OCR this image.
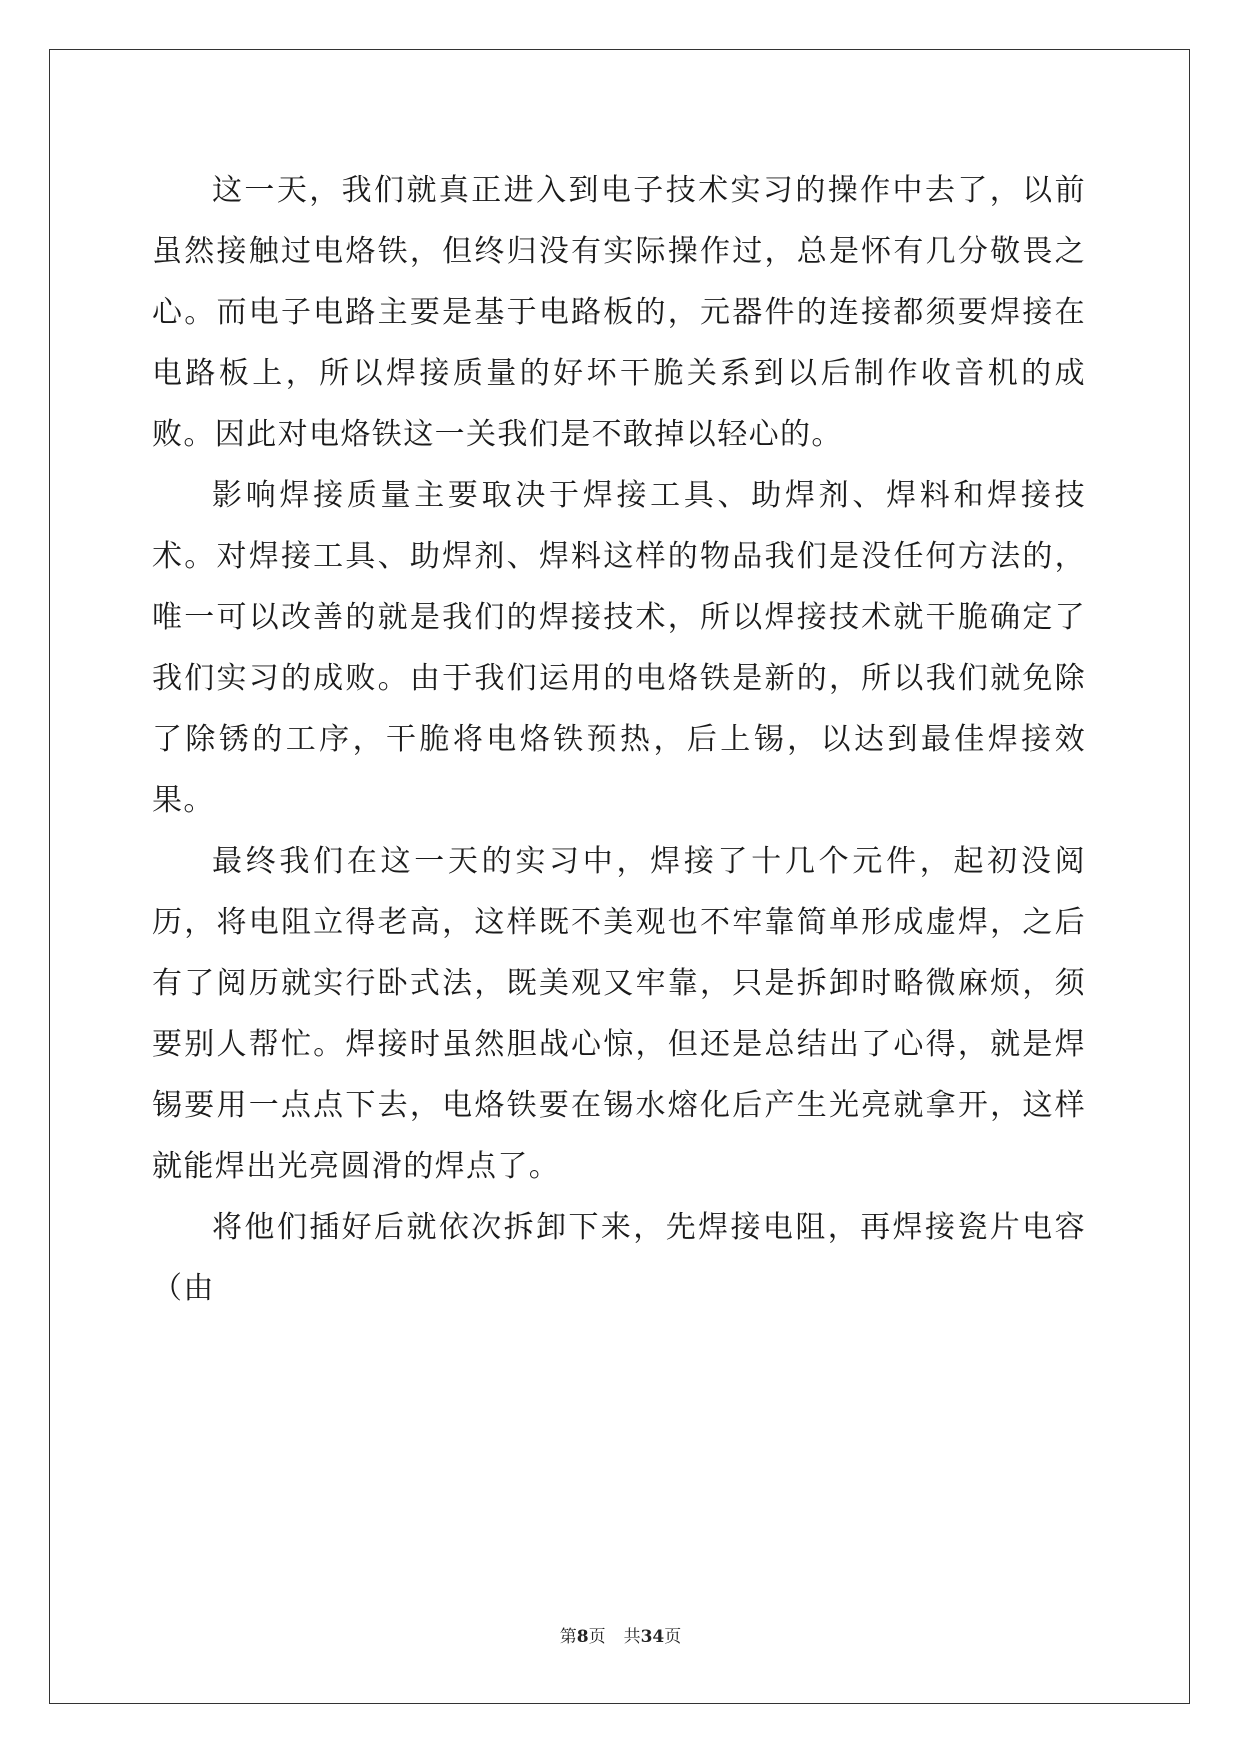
这一天，我们就真正进入到电子技术实习的操作中去了，以前虽然接触过电烙铁，但终归没有实际操作过，总是怀有几分敬畏之心。而电子电路主要是基于电路板的，元器件的连接都须要焊接在电路板上，所以焊接质量的好坏干脆关系到以后制作收音机的成败。因此对电烙铁这一关我们是不敢掉以轻心的。

影响焊接质量主要取决于焊接工具、助焊剂、焊料和焊接技术。对焊接工具、助焊剂、焊料这样的物品我们是没任何方法的，唯一可以改善的就是我们的焊接技术，所以焊接技术就干脆确定了我们实习的成败。由于我们运用的电烙铁是新的，所以我们就免除了除锈的工序，干脆将电烙铁预热，后上锡，以达到最佳焊接效果。

最终我们在这一天的实习中，焊接了十几个元件，起初没阅历，将电阻立得老高，这样既不美观也不牢靠简单形成虚焊，之后有了阅历就实行卧式法，既美观又牢靠，只是拆卸时略微麻烦，须要别人帮忙。焊接时虽然胆战心惊，但还是总结出了心得，就是焊锡要用一点点下去，电烙铁要在锡水熔化后产生光亮就拿开，这样就能焊出光亮圆滑的焊点了。

将他们插好后就依次拆卸下来，先焊接电阻，再焊接瓷片电容（由

第8页 共34页
